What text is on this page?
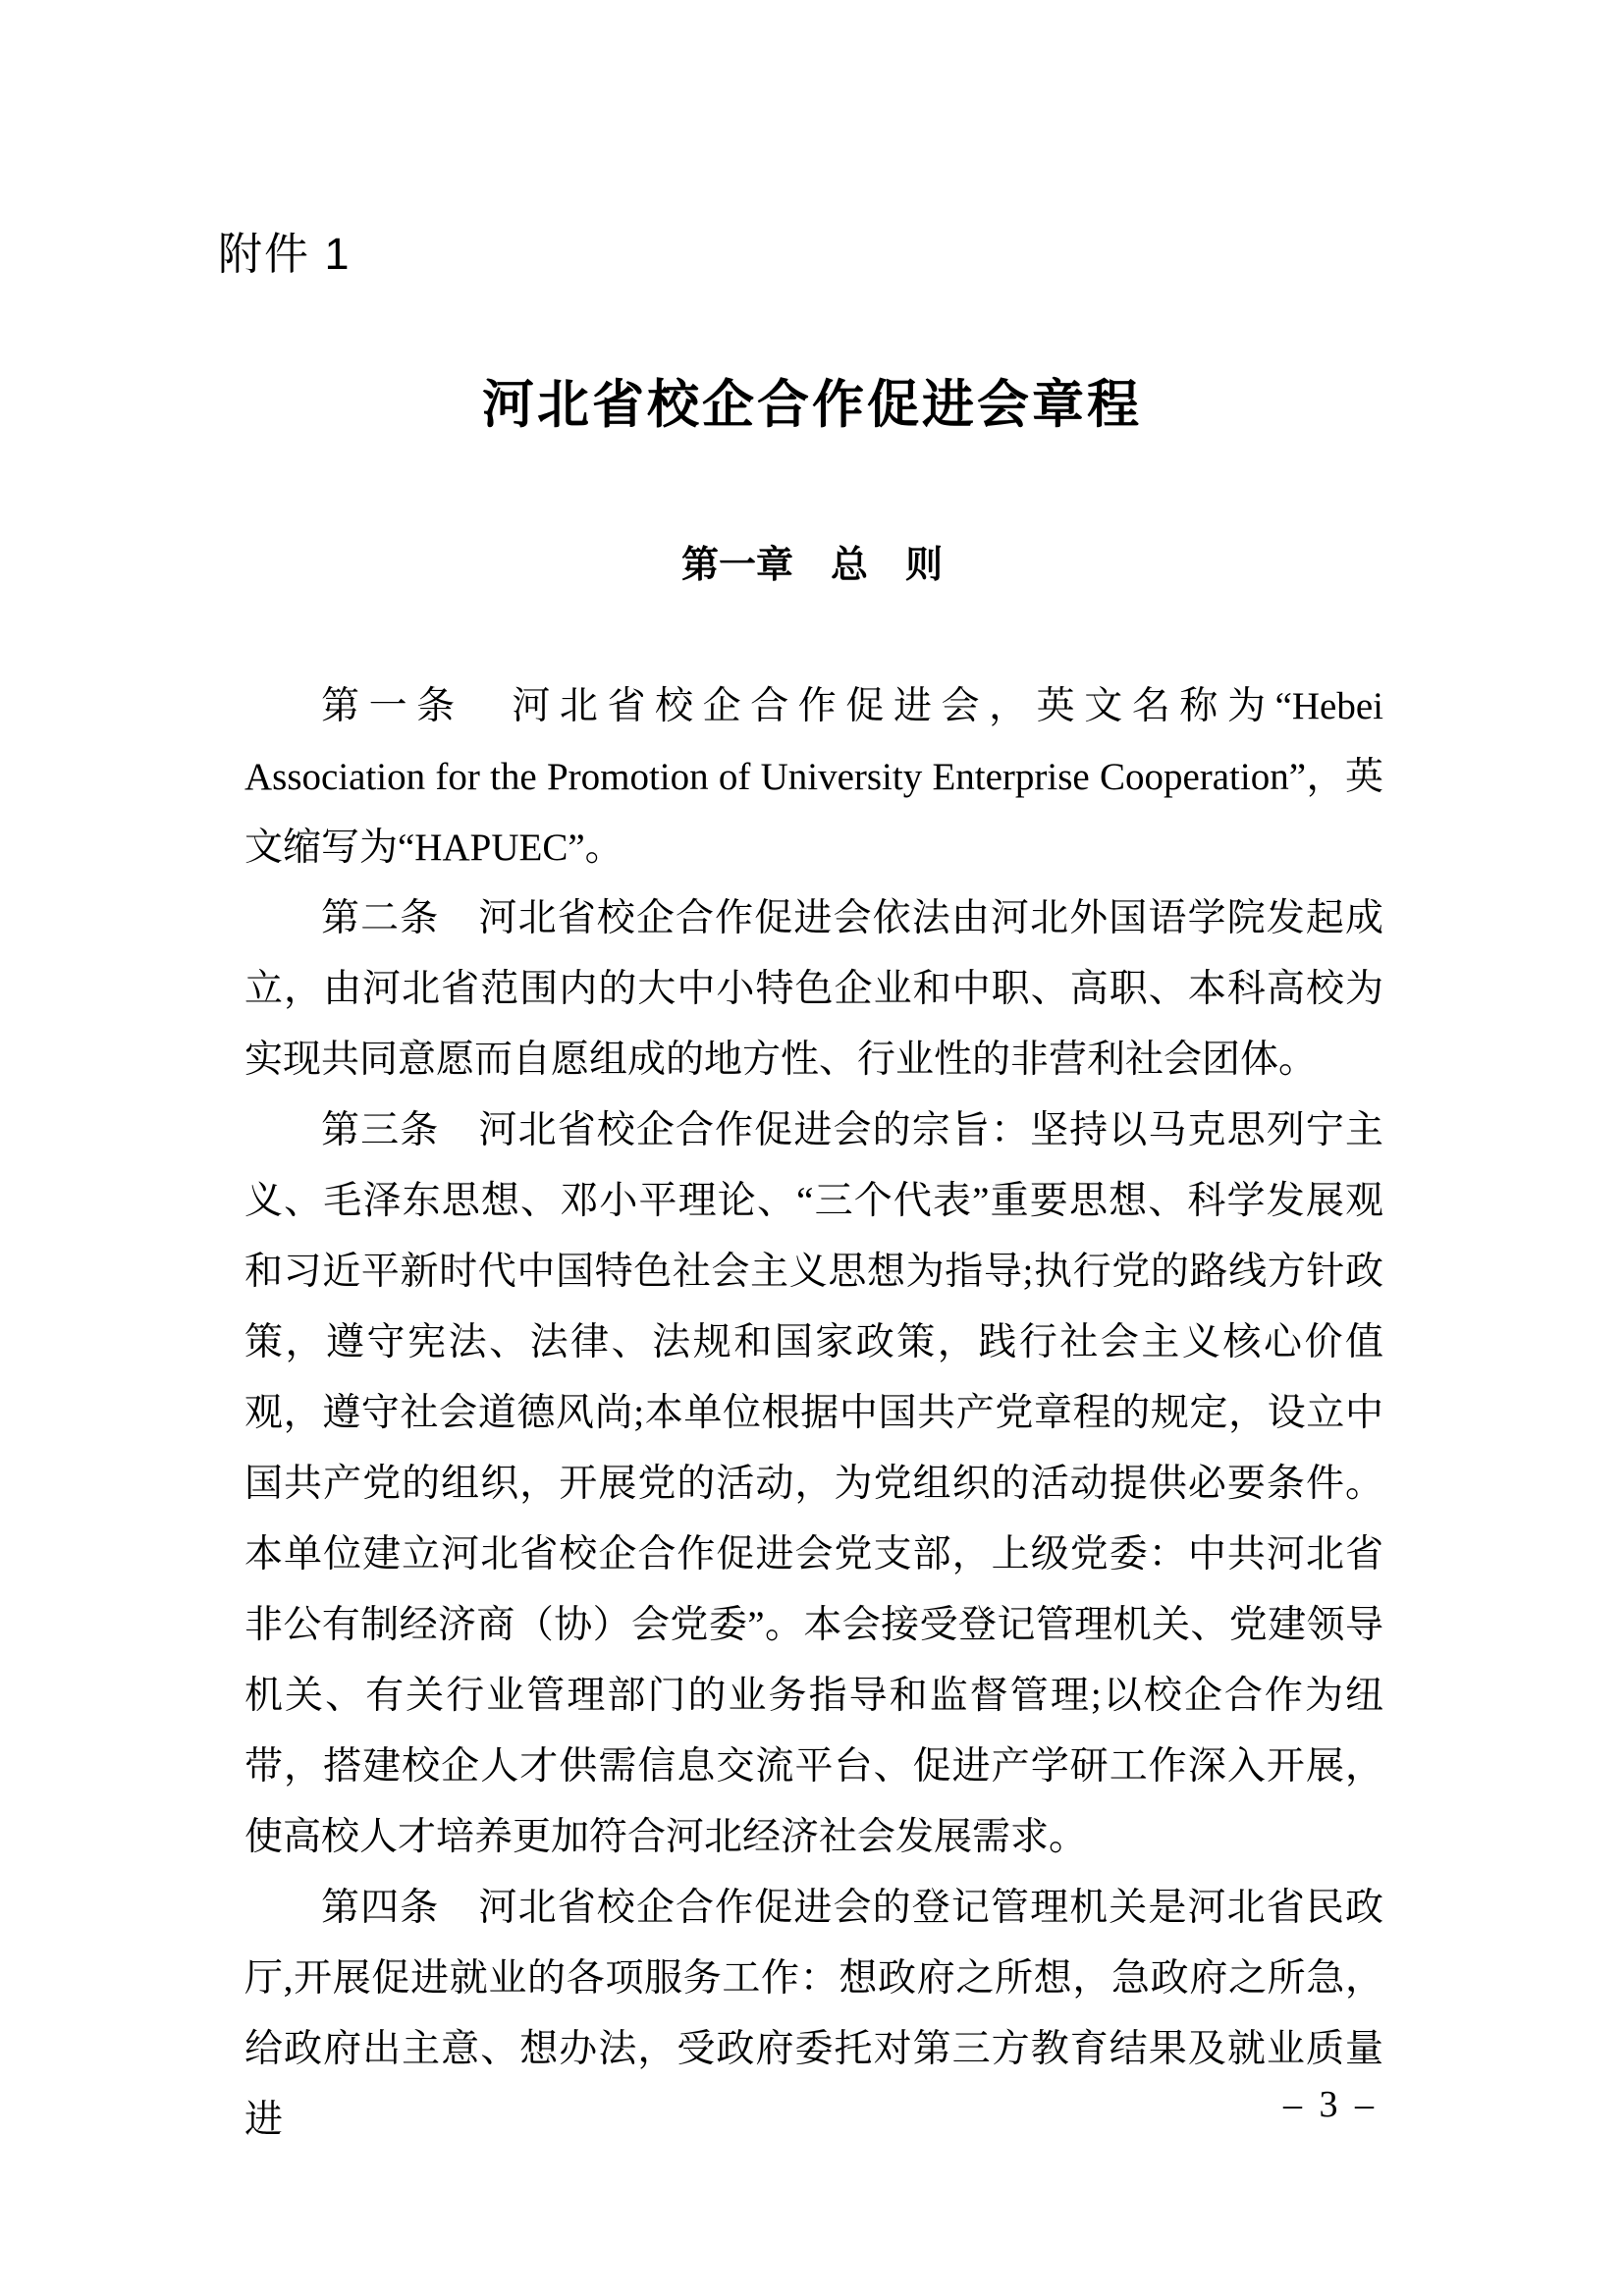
附件 1
河北省校企合作促进会章程
第一章　总　则

第一条　河北省校企合作促进会，英文名称为“Hebei Association for the Promotion of University Enterprise Cooperation”，英文缩写为“HAPUEC”。

第二条　河北省校企合作促进会依法由河北外国语学院发起成立，由河北省范围内的大中小特色企业和中职、高职、本科高校为实现共同意愿而自愿组成的地方性、行业性的非营利社会团体。

第三条　河北省校企合作促进会的宗旨：坚持以马克思列宁主义、毛泽东思想、邓小平理论、“三个代表”重要思想、科学发展观和习近平新时代中国特色社会主义思想为指导;执行党的路线方针政策，遵守宪法、法律、法规和国家政策，践行社会主义核心价值观，遵守社会道德风尚;本单位根据中国共产党章程的规定，设立中国共产党的组织，开展党的活动，为党组织的活动提供必要条件。本单位建立河北省校企合作促进会党支部，上级党委：中共河北省非公有制经济商（协）会党委”。本会接受登记管理机关、党建领导机关、有关行业管理部门的业务指导和监督管理;以校企合作为纽带，搭建校企人才供需信息交流平台、促进产学研工作深入开展，使高校人才培养更加符合河北经济社会发展需求。

第四条　河北省校企合作促进会的登记管理机关是河北省民政厅,开展促进就业的各项服务工作：想政府之所想，急政府之所急，给政府出主意、想办法，受政府委托对第三方教育结果及就业质量进	– 3 –
